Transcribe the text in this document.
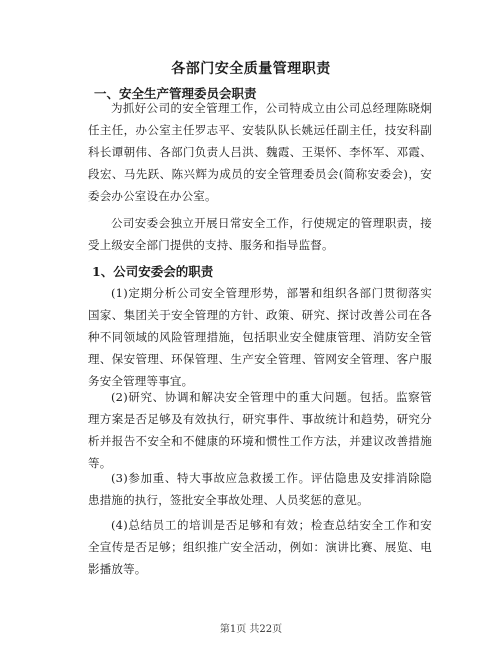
各部门安全质量管理职责
一、安全生产管理委员会职责
为抓好公司的安全管理工作，公司特成立由公司总经理陈晓炯任主任，办公室主任罗志平、安装队队长姚远任副主任，技安科副科长谭朝伟、各部门负责人吕洪、魏霞、王渠怀、李怀军、邓霞、段宏、马先跃、陈兴辉为成员的安全管理委员会(简称安委会)，安委会办公室设在办公室。
公司安委会独立开展日常安全工作，行使规定的管理职责，接受上级安全部门提供的支持、服务和指导监督。
1、公司安委会的职责
(1)定期分析公司安全管理形势，部署和组织各部门贯彻落实国家、集团关于安全管理的方针、政策、研究、探讨改善公司在各种不同领域的风险管理措施，包括职业安全健康管理、消防安全管理、保安管理、环保管理、生产安全管理、管网安全管理、客户服务安全管理等事宜。
(2)研究、协调和解决安全管理中的重大问题。包括。监察管理方案是否足够及有效执行，研究事件、事故统计和趋势，研究分析并报告不安全和不健康的环境和惯性工作方法，并建议改善措施等。
(3)参加重、特大事故应急救援工作。评估隐患及安排消除隐患措施的执行，签批安全事故处理、人员奖惩的意见。
(4)总结员工的培训是否足够和有效；检查总结安全工作和安全宣传是否足够；组织推广安全活动，例如：演讲比赛、展览、电影播放等。
第1页 共22页
